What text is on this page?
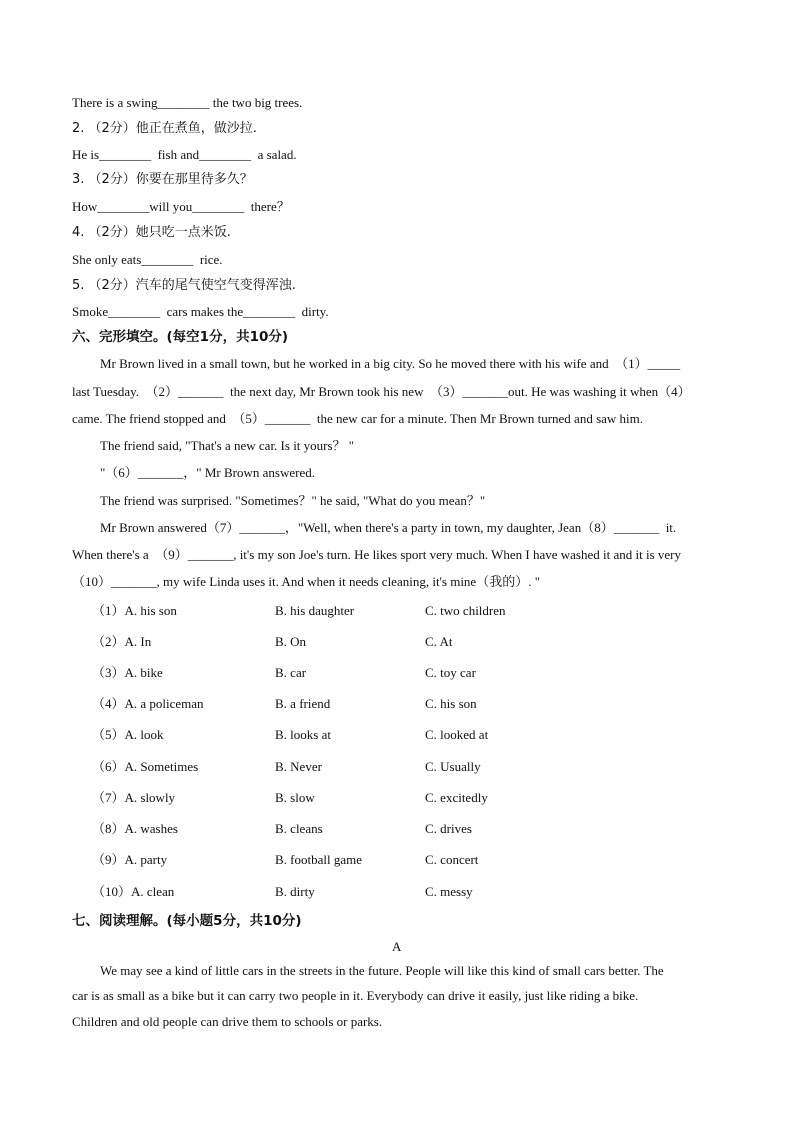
There is a swing________ the two big trees.
2. （2分）他正在煮鱼，做沙拉.
He is________  fish and________  a salad.
3. （2分）你要在那里待多久？
How________will you________  there？
4. （2分）她只吃一点米饭.
She only eats________  rice.
5. （2分）汽车的尾气使空气变得浑浊.
Smoke________  cars makes the________  dirty.
六、完形填空。(每空1分，共10分)
Mr Brown lived in a small town, but he worked in a big city. So he moved there with his wife and  （1）_____
last Tuesday.  （2）_______  the next day, Mr Brown took his new  （3）_______out. He was washing it when（4）
came. The friend stopped and  （5）_______  the new car for a minute. Then Mr Brown turned and saw him.
The friend said, "That's a new car. Is it yours？ "
"（6）_______，" Mr Brown answered.
The friend was surprised. "Sometimes？" he said, "What do you mean？"
Mr Brown answered（7）_______，"Well, when there's a party in town, my daughter, Jean（8）_______  it.
When there's a  （9）_______, it's my son Joe's turn. He likes sport very much. When I have washed it and it is very
（10）_______, my wife Linda uses it. And when it needs cleaning, it's mine（我的）. "

（1）A. his son

	B. his daughter

	C. two children

（2）A. In

	B. On

	C. At

（3）A. bike

	B. car

	C. toy car

（4）A. a policeman

	B. a friend

	C. his son

（5）A. look

	B. looks at

	C. looked at

（6）A. Sometimes

	B. Never

	C. Usually

（7）A. slowly

	B. slow

	C. excitedly

（8）A. washes

	B. cleans

	C. drives

（9）A. party

	B. football game

	C. concert

（10）A. clean

	B. dirty

	C. messy

七、阅读理解。(每小题5分，共10分)
A
We may see a kind of little cars in the streets in the future. People will like this kind of small cars better. The
car is as small as a bike but it can carry two people in it. Everybody can drive it easily, just like riding a bike.
Children and old people can drive them to schools or parks.
